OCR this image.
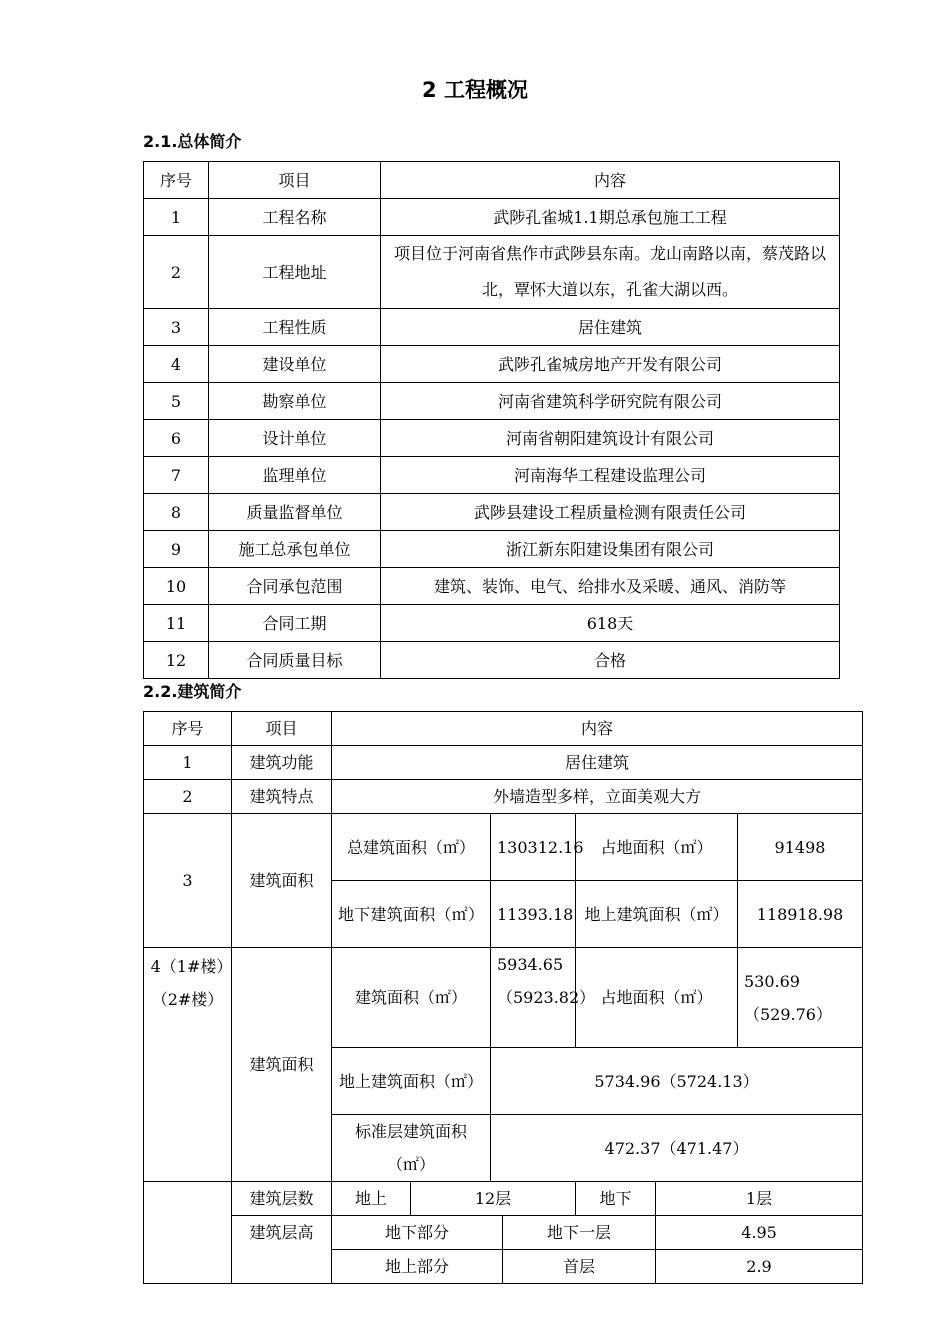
2 工程概况
2.1.总体简介
序号	项目	内容
1	工程名称	武陟孔雀城1.1期总承包施工工程
2	工程地址	项目位于河南省焦作市武陟县东南。龙山南路以南，蔡茂路以北，覃怀大道以东，孔雀大湖以西。
3	工程性质	居住建筑
4	建设单位	武陟孔雀城房地产开发有限公司
5	勘察单位	河南省建筑科学研究院有限公司
6	设计单位	河南省朝阳建筑设计有限公司
7	监理单位	河南海华工程建设监理公司
8	质量监督单位	武陟县建设工程质量检测有限责任公司
9	施工总承包单位	浙江新东阳建设集团有限公司
10	合同承包范围	建筑、装饰、电气、给排水及采暖、通风、消防等
11	合同工期	618天
12	合同质量目标	合格
2.2.建筑简介
序号	项目	内容						
1	建筑功能	居住建筑						
2	建筑特点	外墙造型多样，立面美观大方						
3	建筑面积	总建筑面积（㎡）		130312.16		占地面积（㎡）		91498
		地下建筑面积（㎡）		11393.18		地上建筑面积（㎡）		118918.98
4（1#楼）（2#楼）	建筑面积	建筑面积（㎡）		5934.65（5923.82）		占地面积（㎡）		530.69（529.76）
		地上建筑面积（㎡）		5734.96（5724.13）				
		标准层建筑面积（㎡）		472.37（471.47）				
	建筑层数	地上	12层			地下	1层	
	建筑层高	地下部分			地下一层		4.95	
		地上部分			首层		2.9	
